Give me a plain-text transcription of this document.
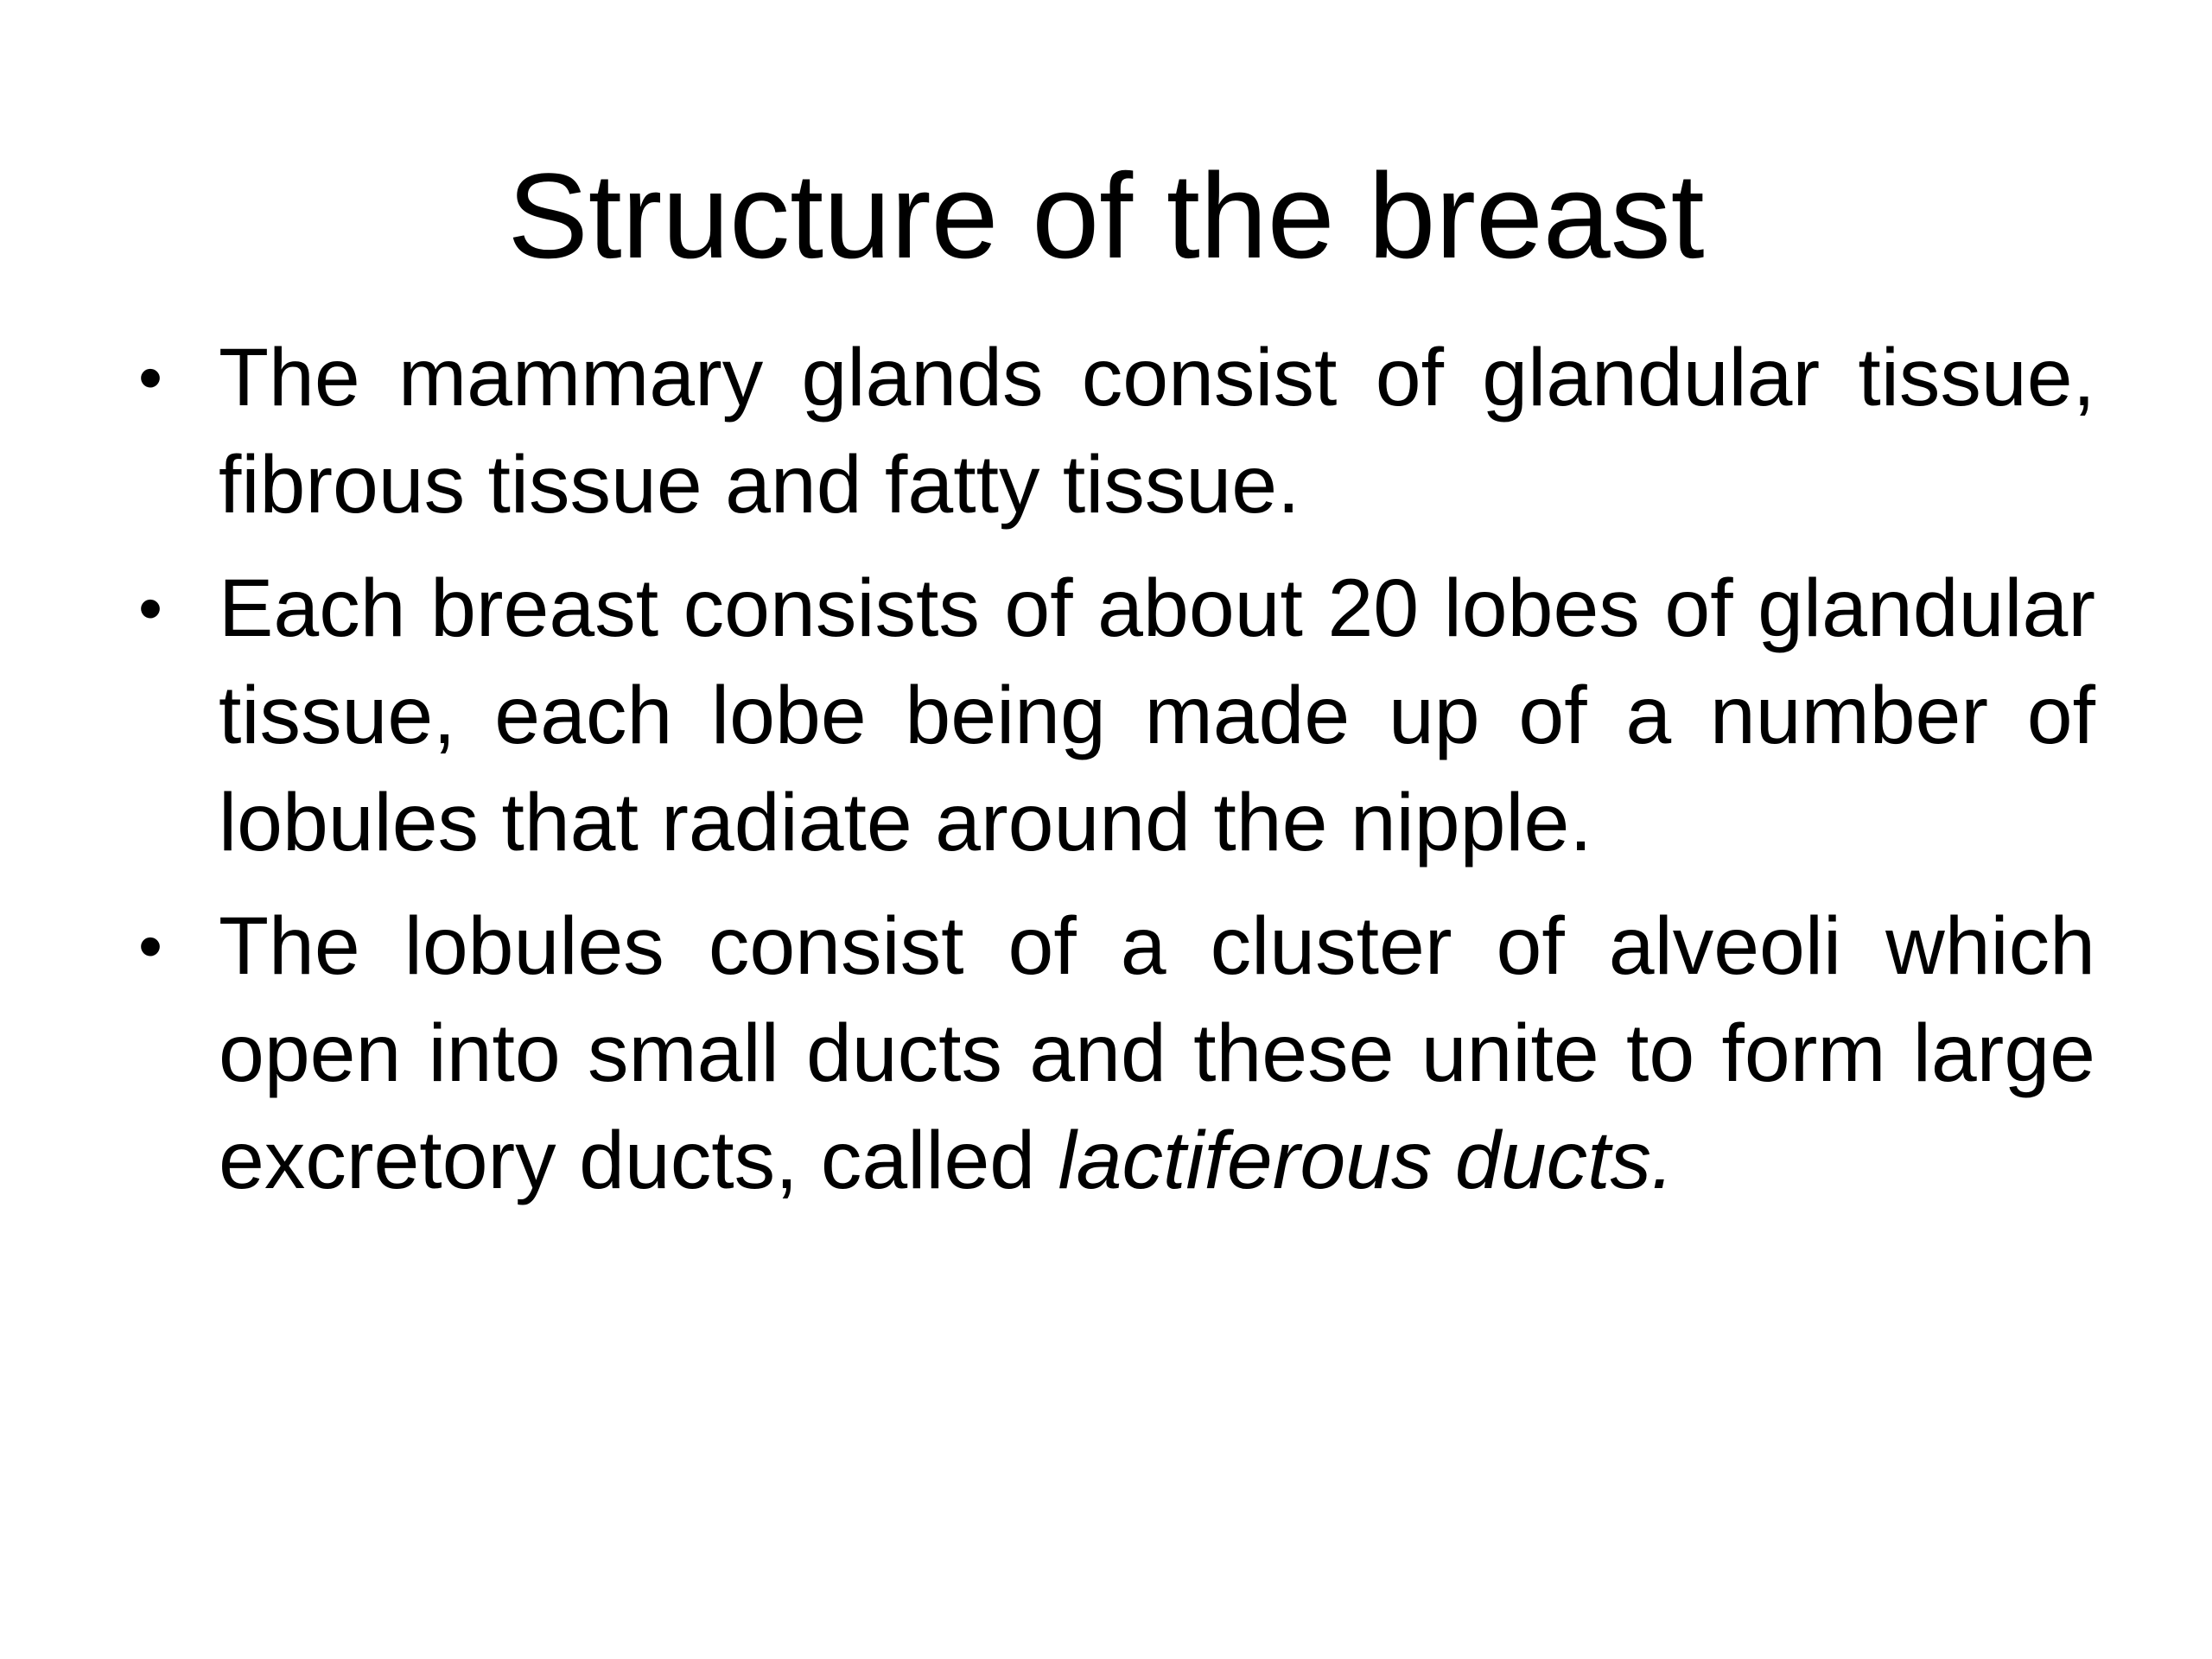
Structure of the breast
• The mammary glands consist of glandular tissue, fibrous tissue and fatty tissue.
• Each breast consists of about 20 lobes of glandular tissue, each lobe being made up of a number of lobules that radiate around the nipple.
• The lobules consist of a cluster of alveoli which open into small ducts and these unite to form large excretory ducts, called lactiferous ducts.
